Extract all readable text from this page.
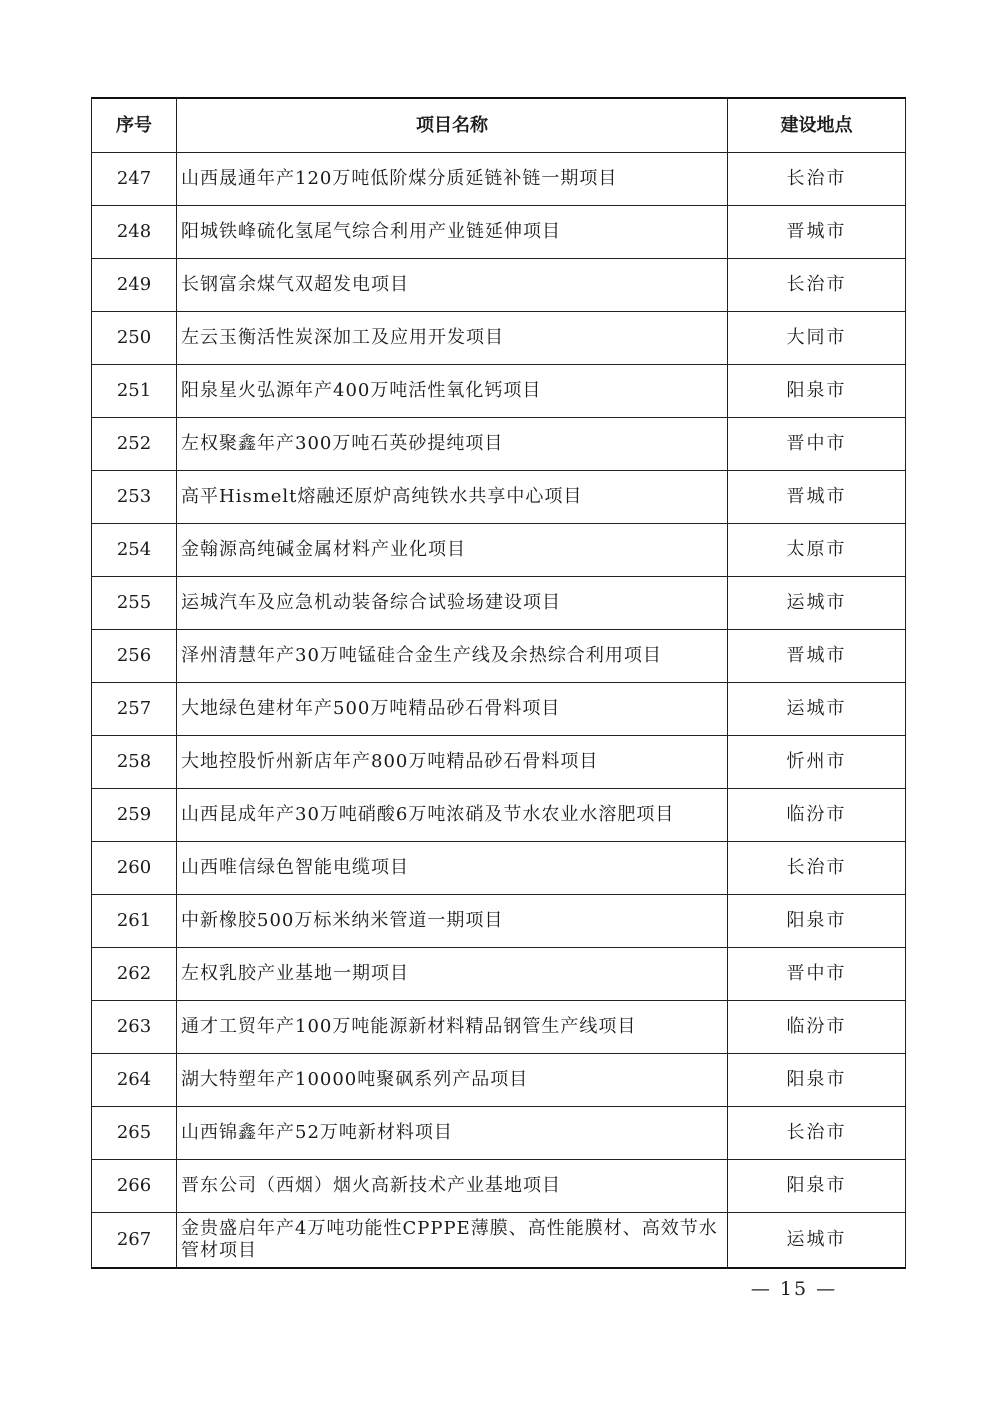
序号	项目名称	建设地点
247	山西晟通年产120万吨低阶煤分质延链补链一期项目	长治市
248	阳城铁峰硫化氢尾气综合利用产业链延伸项目	晋城市
249	长钢富余煤气双超发电项目	长治市
250	左云玉衡活性炭深加工及应用开发项目	大同市
251	阳泉星火弘源年产400万吨活性氧化钙项目	阳泉市
252	左权聚鑫年产300万吨石英砂提纯项目	晋中市
253	高平Hismelt熔融还原炉高纯铁水共享中心项目	晋城市
254	金翰源高纯碱金属材料产业化项目	太原市
255	运城汽车及应急机动装备综合试验场建设项目	运城市
256	泽州清慧年产30万吨锰硅合金生产线及余热综合利用项目	晋城市
257	大地绿色建材年产500万吨精品砂石骨料项目	运城市
258	大地控股忻州新店年产800万吨精品砂石骨料项目	忻州市
259	山西昆成年产30万吨硝酸6万吨浓硝及节水农业水溶肥项目	临汾市
260	山西唯信绿色智能电缆项目	长治市
261	中新橡胶500万标米纳米管道一期项目	阳泉市
262	左权乳胶产业基地一期项目	晋中市
263	通才工贸年产100万吨能源新材料精品钢管生产线项目	临汾市
264	湖大特塑年产10000吨聚砜系列产品项目	阳泉市
265	山西锦鑫年产52万吨新材料项目	长治市
266	晋东公司（西烟）烟火高新技术产业基地项目	阳泉市
267	金贵盛启年产4万吨功能性CPPPE薄膜、高性能膜材、高效节水管材项目	运城市
— 15 —
